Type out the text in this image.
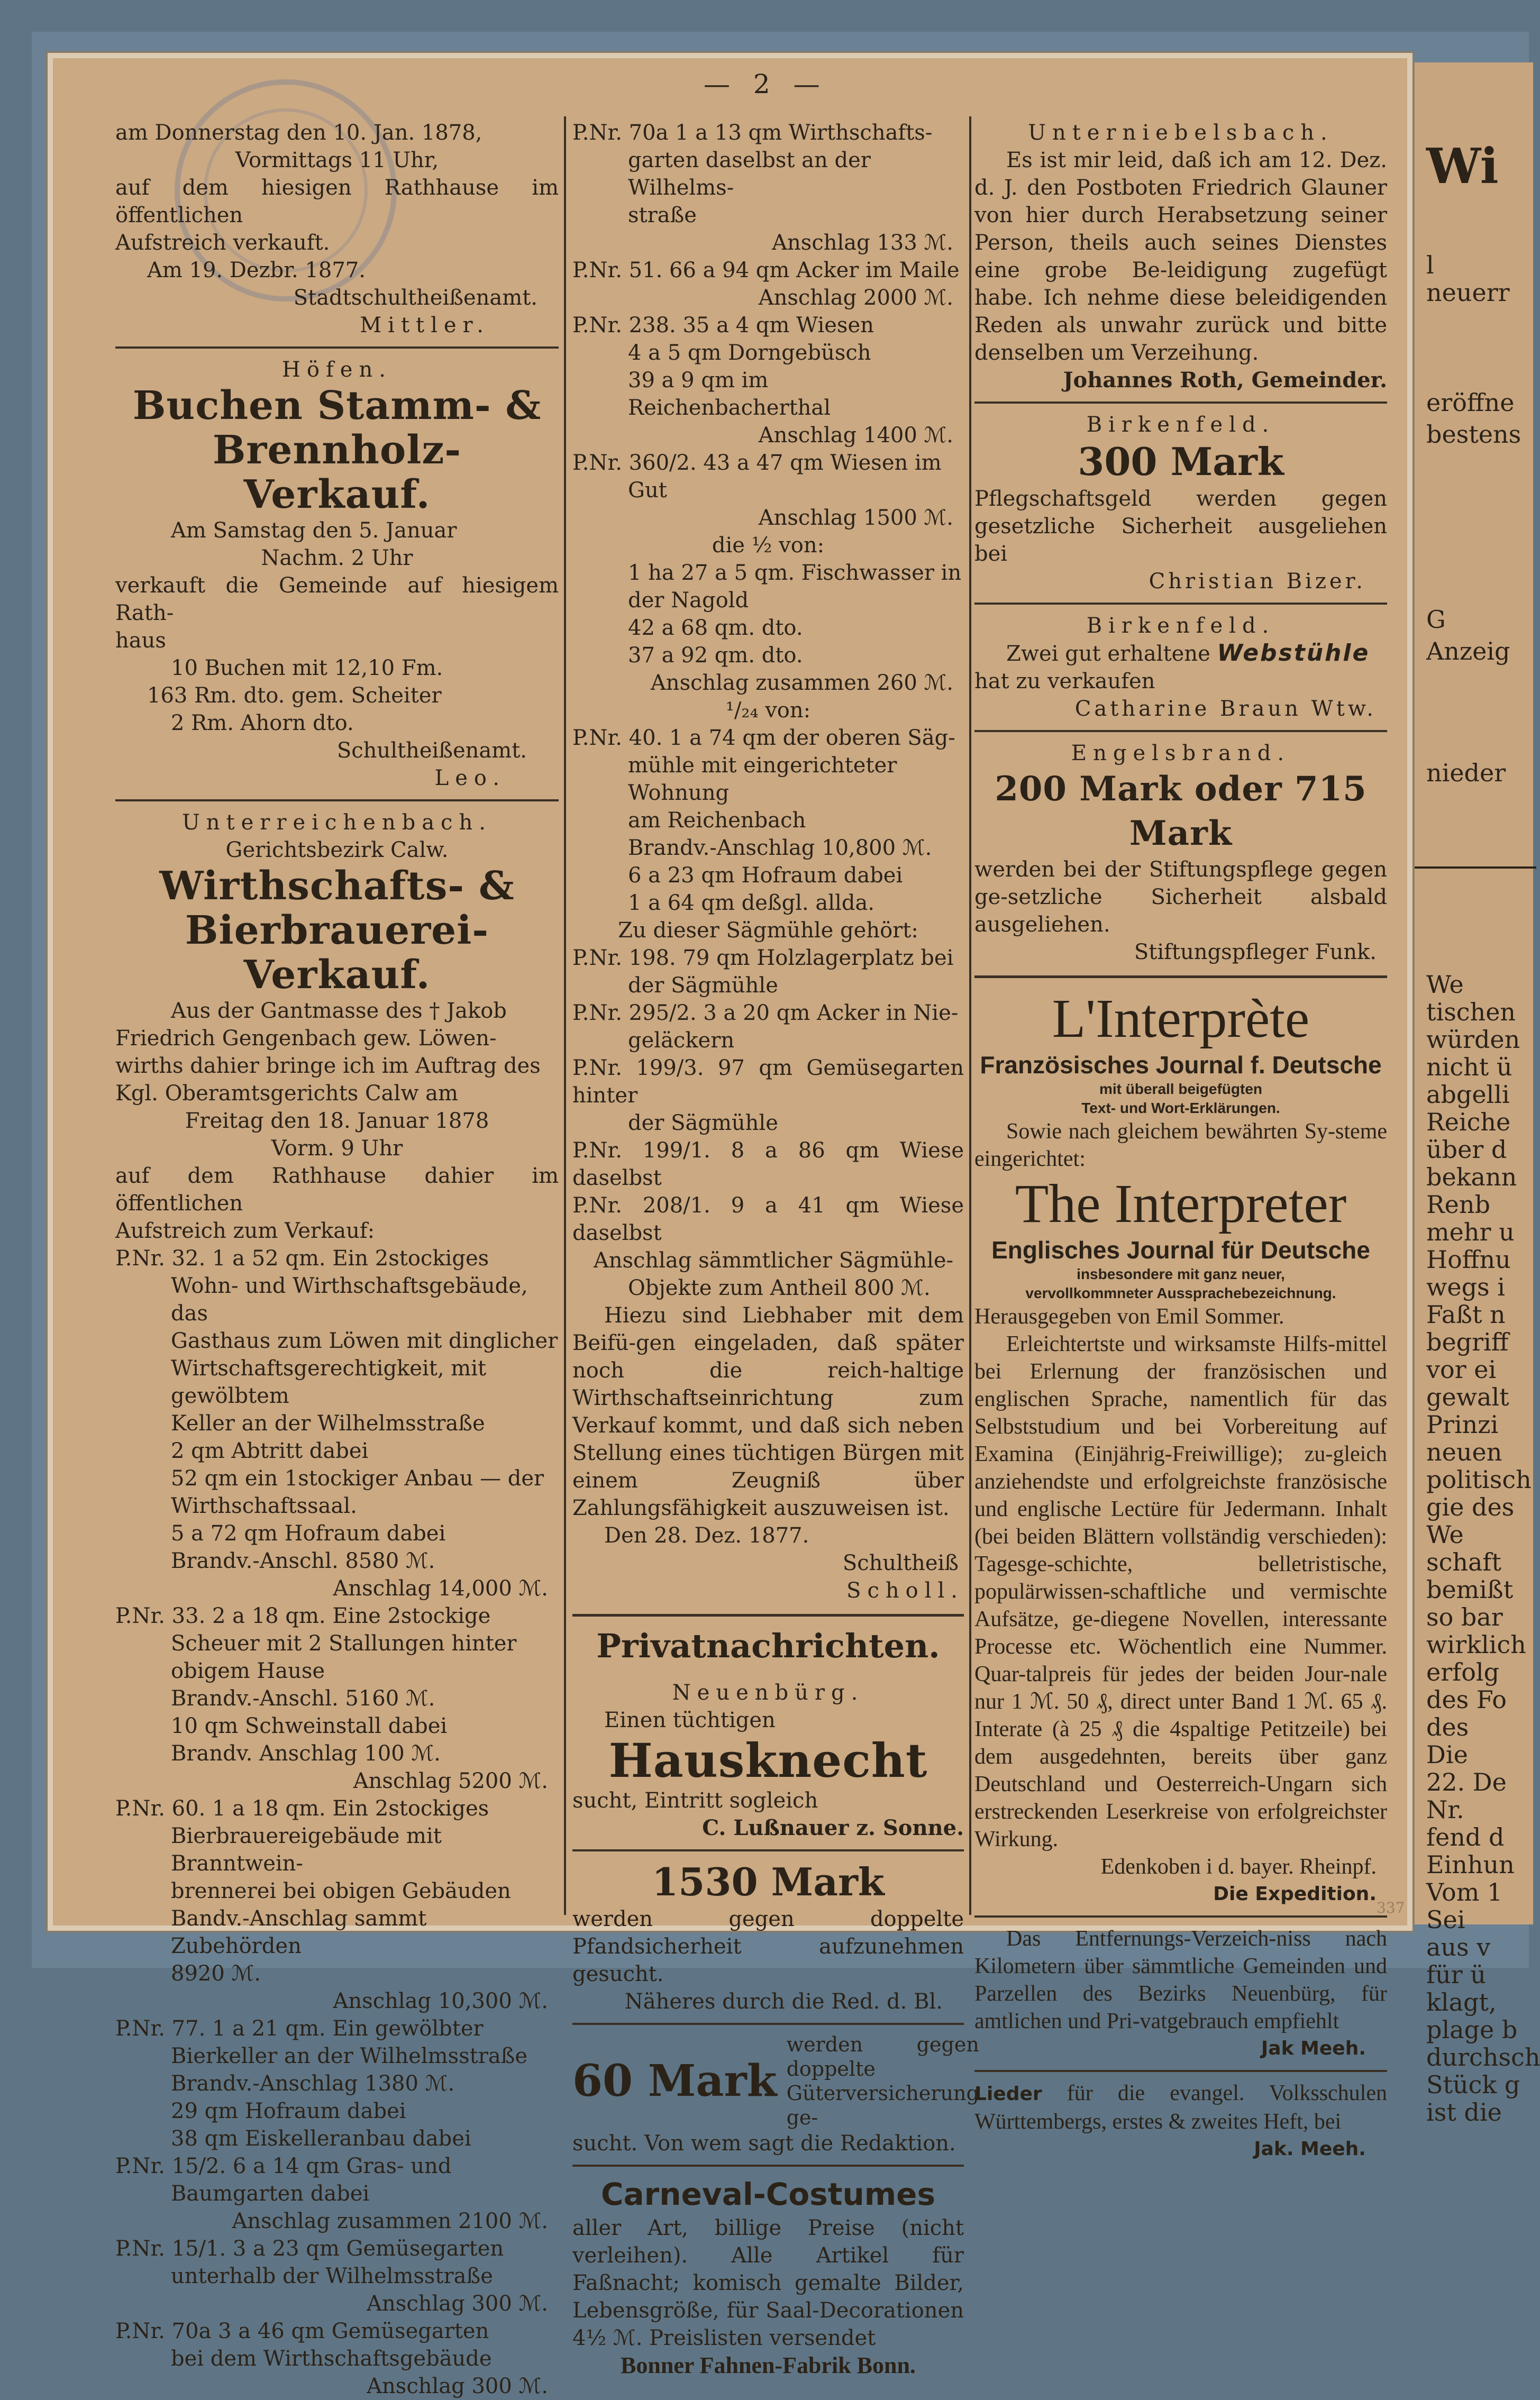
Wi
l
neuerr
eröffne
bestens
G
Anzeig
nieder
We
tischen
würden
nicht ü
abgelli
Reiche
über d
bekann
Renb
mehr u
Hoffnu
wegs i
Faßt n
begriff
vor ei
gewalt
Prinzi
neuen
politisch
gie des
We
schaft
bemißt
so bar
wirklich
erfolg
des Fo
des
Die
22. De
Nr.
fend d
Einhun
Vom 1
Sei
aus v
für ü
klagt,
plage b
durchsch
Stück g
ist die
— 2 —
am Donnerstag den 10. Jan. 1878,
Vormittags 11 Uhr,
auf dem hiesigen Rathhause im öffentlichen
Aufstreich verkauft.
Am 19. Dezbr. 1877.
Stadtschultheißenamt.
Mittler.
Höfen.
Buchen Stamm- & Brennholz-
Verkauf.
Am Samstag den 5. Januar
Nachm. 2 Uhr
verkauft die Gemeinde auf hiesigem Rath-
haus
10 Buchen mit 12,10 Fm.
163 Rm. dto. gem. Scheiter
2 Rm. Ahorn dto.
Schultheißenamt.
Leo.
Unterreichenbach.
Gerichtsbezirk Calw.
Wirthschafts- & Bierbrauerei-
Verkauf.
Aus der Gantmasse des † Jakob
Friedrich Gengenbach gew. Löwen-
wirths dahier bringe ich im Auftrag des
Kgl. Oberamtsgerichts Calw am
Freitag den 18. Januar 1878
Vorm. 9 Uhr
auf dem Rathhause dahier im öffentlichen
Aufstreich zum Verkauf:
P.Nr. 32. 1 a 52 qm. Ein 2stockiges
Wohn- und Wirthschaftsgebäude, das
Gasthaus zum Löwen mit dinglicher
Wirtschaftsgerechtigkeit, mit gewölbtem
Keller an der Wilhelmsstraße
2 qm Abtritt dabei
52 qm ein 1stockiger Anbau — der
Wirthschaftssaal.
5 a 72 qm Hofraum dabei
Brandv.-Anschl. 8580 ℳ.
Anschlag 14,000 ℳ.
P.Nr. 33. 2 a 18 qm. Eine 2stockige
Scheuer mit 2 Stallungen hinter
obigem Hause
Brandv.-Anschl. 5160 ℳ.
10 qm Schweinstall dabei
Brandv. Anschlag 100 ℳ.
Anschlag 5200 ℳ.
P.Nr. 60. 1 a 18 qm. Ein 2stockiges
Bierbrauereigebäude mit Branntwein-
brennerei bei obigen Gebäuden
Bandv.-Anschlag sammt Zubehörden
8920 ℳ.
Anschlag 10,300 ℳ.
P.Nr. 77. 1 a 21 qm. Ein gewölbter
Bierkeller an der Wilhelmsstraße
Brandv.-Anschlag 1380 ℳ.
29 qm Hofraum dabei
38 qm Eiskelleranbau dabei
P.Nr. 15/2. 6 a 14 qm Gras- und
Baumgarten dabei
Anschlag zusammen 2100 ℳ.
P.Nr. 15/1. 3 a 23 qm Gemüsegarten
unterhalb der Wilhelmsstraße
Anschlag 300 ℳ.
P.Nr. 70a 3 a 46 qm Gemüsegarten
bei dem Wirthschaftsgebäude
Anschlag 300 ℳ.
P.Nr. 70a 1 a 13 qm Wirthschafts-
garten daselbst an der Wilhelms-
straße
Anschlag 133 ℳ.
P.Nr. 51. 66 a 94 qm Acker im Maile
Anschlag 2000 ℳ.
P.Nr. 238. 35 a 4 qm Wiesen
4 a 5 qm Dorngebüsch
39 a 9 qm im Reichenbacherthal
Anschlag 1400 ℳ.
P.Nr. 360/2. 43 a 47 qm Wiesen im
Gut
Anschlag 1500 ℳ.
die ½ von:
1 ha 27 a 5 qm. Fischwasser in der Nagold
42 a 68 qm. dto.
37 a 92 qm. dto.
Anschlag zusammen 260 ℳ.
¹/₂₄ von:
P.Nr. 40. 1 a 74 qm der oberen Säg-
mühle mit eingerichteter Wohnung
am Reichenbach
Brandv.-Anschlag 10,800 ℳ.
6 a 23 qm Hofraum dabei
1 a 64 qm deßgl. allda.
Zu dieser Sägmühle gehört:
P.Nr. 198. 79 qm Holzlagerplatz bei
der Sägmühle
P.Nr. 295/2. 3 a 20 qm Acker in Nie-
geläckern
P.Nr. 199/3. 97 qm Gemüsegarten hinter
der Sägmühle
P.Nr. 199/1. 8 a 86 qm Wiese daselbst
P.Nr. 208/1. 9 a 41 qm Wiese daselbst
Anschlag sämmtlicher Sägmühle-
Objekte zum Antheil 800 ℳ.
Hiezu sind Liebhaber mit dem Beifü-gen eingeladen, daß später noch die reich-haltige Wirthschaftseinrichtung zum Verkauf kommt, und daß sich neben Stellung eines tüchtigen Bürgen mit einem Zeugniß über Zahlungsfähigkeit auszuweisen ist.
Den 28. Dez. 1877.
Schultheiß
Scholl.
Privatnachrichten.
Neuenbürg.
Einen tüchtigen
Hausknecht
sucht, Eintritt sogleich
C. Lußnauer z. Sonne.
1530 Mark
werden gegen doppelte Pfandsicherheit aufzunehmen gesucht.
Näheres durch die Red. d. Bl.
60 Mark
werden gegen doppelte Güterversicherung ge-
sucht. Von wem sagt die Redaktion.
Carneval-Costumes
aller Art, billige Preise (nicht verleihen). Alle Artikel für Faßnacht; komisch gemalte Bilder, Lebensgröße, für Saal-Decorationen 4½ ℳ. Preislisten versendet
Bonner Fahnen-Fabrik Bonn.
Unterniebelsbach.
Es ist mir leid, daß ich am 12. Dez. d. J. den Postboten Friedrich Glauner von hier durch Herabsetzung seiner Person, theils auch seines Dienstes eine grobe Be-leidigung zugefügt habe. Ich nehme diese beleidigenden Reden als unwahr zurück und bitte denselben um Verzeihung.
Johannes Roth, Gemeinder.
Birkenfeld.
300 Mark
Pflegschaftsgeld werden gegen gesetzliche Sicherheit ausgeliehen bei
Christian Bizer.
Birkenfeld.
Zwei gut erhaltene Webstühle
hat zu verkaufen
Catharine Braun Wtw.
Engelsbrand.
200 Mark oder 715 Mark
werden bei der Stiftungspflege gegen ge-setzliche Sicherheit alsbald ausgeliehen.
Stiftungspfleger Funk.
L'Interprète
Französisches Journal f. Deutsche
mit überall beigefügten
Text- und Wort-Erklärungen.
Sowie nach gleichem bewährten Sy-steme eingerichtet:
The Interpreter
Englisches Journal für Deutsche
insbesondere mit ganz neuer,
vervollkommneter Aussprachebezeichnung.
Herausgegeben von Emil Sommer.
Erleichtertste und wirksamste Hilfs-mittel bei Erlernung der französischen und englischen Sprache, namentlich für das Selbststudium und bei Vorbereitung auf Examina (Einjährig-Freiwillige); zu-gleich anziehendste und erfolgreichste französische und englische Lectüre für Jedermann. Inhalt (bei beiden Blättern vollständig verschieden): Tagesge-schichte, belletristische, populärwissen-schaftliche und vermischte Aufsätze, ge-diegene Novellen, interessante Processe etc. Wöchentlich eine Nummer. Quar-talpreis für jedes der beiden Jour-nale nur 1 ℳ. 50 ₰, direct unter Band 1 ℳ. 65 ₰. Interate (à 25 ₰ die 4spaltige Petitzeile) bei dem ausgedehnten, bereits über ganz Deutschland und Oesterreich-Ungarn sich erstreckenden Leserkreise von erfolgreichster Wirkung.
Edenkoben i d. bayer. Rheinpf.
Die Expedition.
Das Entfernungs-Verzeich-niss nach Kilometern über sämmtliche Gemeinden und Parzellen des Bezirks Neuenbürg, für amtlichen und Pri-vatgebrauch empfiehlt
Jak Meeh.
Lieder für die evangel. Volksschulen Württembergs, erstes & zweites Heft, bei
Jak. Meeh.
337
